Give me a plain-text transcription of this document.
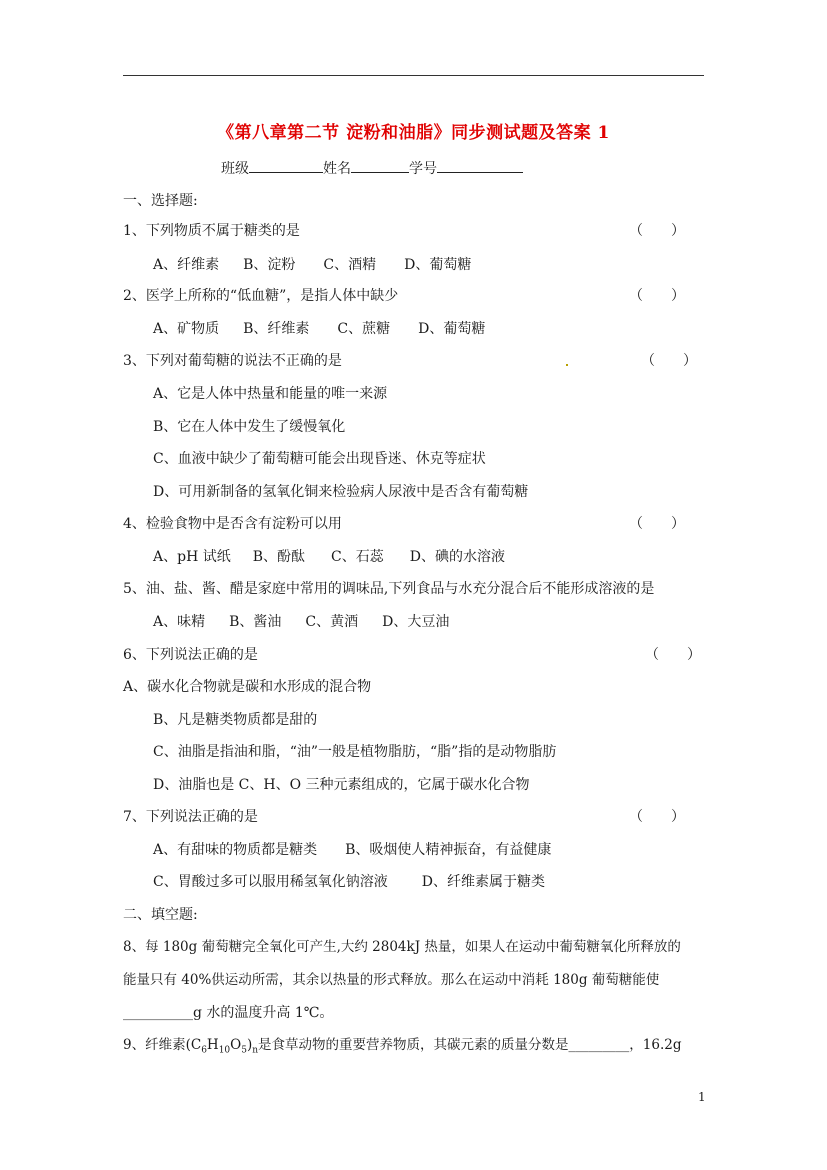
《第八章第二节 淀粉和油脂》同步测试题及答案 1
班级	姓名	学号
一、选择题:
1、下列物质不属于糖类的是	（　　）
A、纤维素 B、淀粉 C、酒精 D、葡萄糖
2、医学上所称的“低血糖”，是指人体中缺少	（　　）
A、矿物质 B、纤维素 C、蔗糖 D、葡萄糖
3、下列对葡萄糖的说法不正确的是	（　　）
A、它是人体中热量和能量的唯一来源
B、它在人体中发生了缓慢氧化
C、血液中缺少了葡萄糖可能会出现昏迷、休克等症状
D、可用新制备的氢氧化铜来检验病人尿液中是否含有葡萄糖
4、检验食物中是否含有淀粉可以用	（　　）
A、pH 试纸 B、酚酞 C、石蕊 D、碘的水溶液
5、油、盐、酱、醋是家庭中常用的调味品,下列食品与水充分混合后不能形成溶液的是
A、味精 B、酱油 C、黄酒 D、大豆油
6、下列说法正确的是	（　　）
A、碳水化合物就是碳和水形成的混合物
B、凡是糖类物质都是甜的
C、油脂是指油和脂，“油”一般是植物脂肪，“脂”指的是动物脂肪
D、油脂也是 C、H、O 三种元素组成的，它属于碳水化合物
7、下列说法正确的是	（　　）
A、有甜味的物质都是糖类 B、吸烟使人精神振奋，有益健康
C、胃酸过多可以服用稀氢氧化钠溶液 D、纤维素属于糖类
二、填空题:
8、每 180g 葡萄糖完全氧化可产生,大约 2804kJ 热量，如果人在运动中葡萄糖氧化所释放的
能量只有 40%供运动所需，其余以热量的形式释放。那么在运动中消耗 180g 葡萄糖能使
__________g 水的温度升高 1℃。
9、纤维素$(C_6H_{10}O_5)_n$是食草动物的重要营养物质，其碳元素的质量分数是_________，16.2g
1
